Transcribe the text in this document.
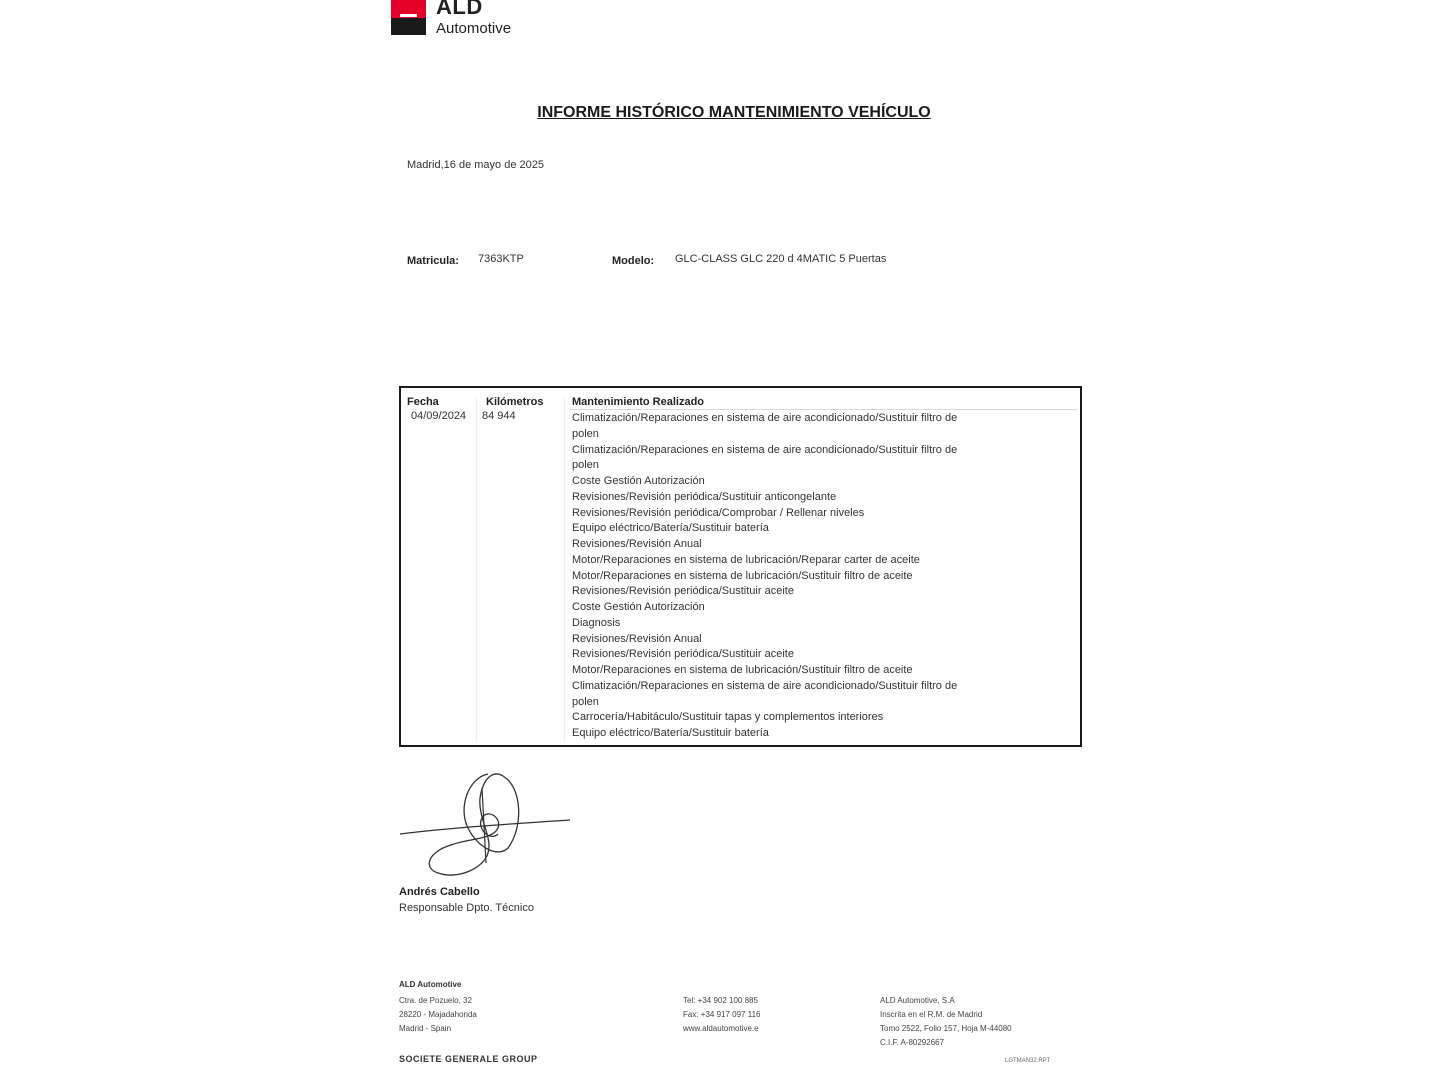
ALD
Automotive
INFORME HISTÓRICO MANTENIMIENTO VEHÍCULO
Madrid,16 de mayo de 2025
Matricula: 7363KTP	Modelo: GLC-CLASS GLC 220 d 4MATIC 5 Puertas
Fecha	Kilómetros	Mantenimiento Realizado
04/09/2024 84 944	Climatización/Reparaciones en sistema de aire acondicionado/Sustituir filtro de
polen
Climatización/Reparaciones en sistema de aire acondicionado/Sustituir filtro de
polen
Coste Gestión Autorización
Revisiones/Revisión periódica/Sustituir anticongelante
Revisiones/Revisión periódica/Comprobar / Rellenar niveles
Equipo eléctrico/Batería/Sustituir batería
Revisiones/Revisión Anual
Motor/Reparaciones en sistema de lubricación/Reparar carter de aceite
Motor/Reparaciones en sistema de lubricación/Sustituir filtro de aceite
Revisiones/Revisión periódica/Sustituir aceite
Coste Gestión Autorización
Diagnosis
Revisiones/Revisión Anual
Revisiones/Revisión periódica/Sustituir aceite
Motor/Reparaciones en sistema de lubricación/Sustituir filtro de aceite
Climatización/Reparaciones en sistema de aire acondicionado/Sustituir filtro de
polen
Carrocería/Habitáculo/Sustituir tapas y complementos interiores
Equipo eléctrico/Batería/Sustituir batería
Andrés Cabello
Responsable Dpto. Técnico
ALD Automotive
Ctra. de Pozuelo, 32
28220 - Majadahonda
Madrid - Spain
Tel: +34 902 100 885
Fax: +34 917 097 116
www.aldautomotive.e
ALD Automotive, S.A
Inscrita en el R.M. de Madrid
Tomo 2522, Folio 157, Hoja M-44080
C.I.F. A-80292667
SOCIETE GENERALE GROUP	LGTMAN32.RPT
